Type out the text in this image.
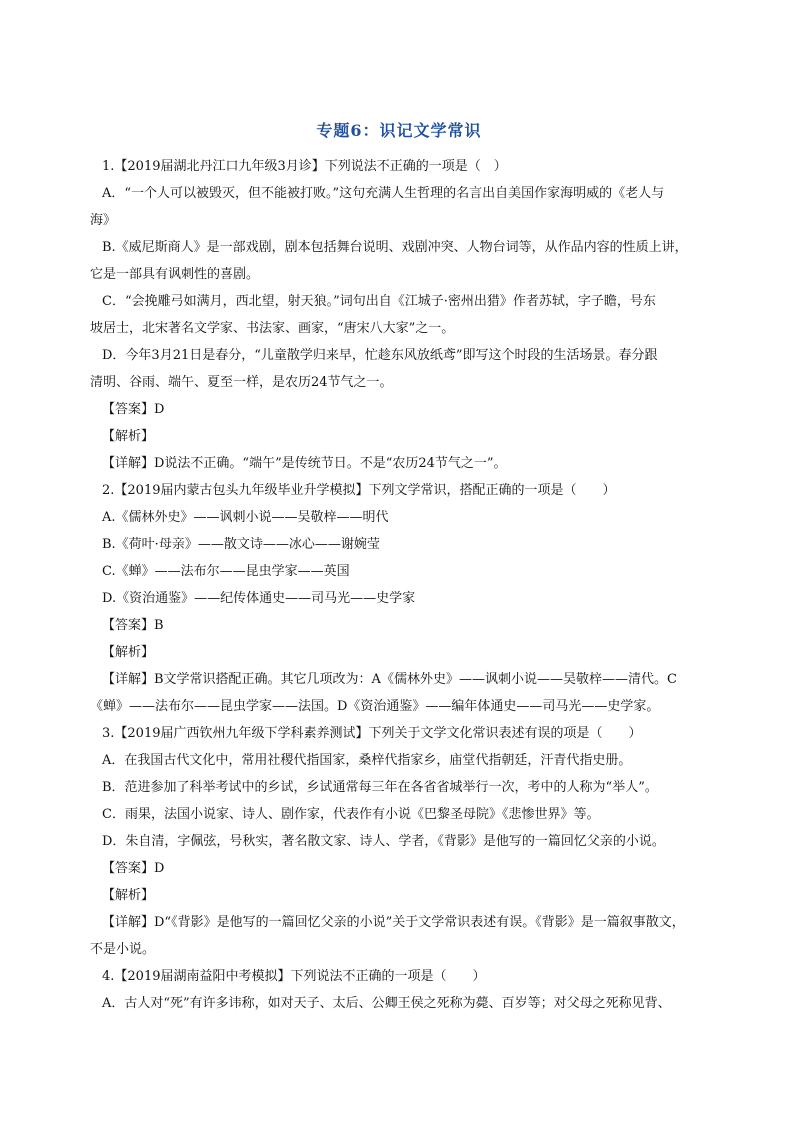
专题6：识记文学常识

1.【2019届湖北丹江口九年级3月诊】下列说法不正确的一项是（　）

A．“一个人可以被毁灭，但不能被打败。”这句充满人生哲理的名言出自美国作家海明威的《老人与

海》

B.《威尼斯商人》是一部戏剧，剧本包括舞台说明、戏剧冲突、人物台词等，从作品内容的性质上讲，

它是一部具有讽刺性的喜剧。

C．“会挽雕弓如满月，西北望，射天狼。”词句出自《江城子·密州出猎》作者苏轼，字子瞻，号东

坡居士，北宋著名文学家、书法家、画家，“唐宋八大家”之一。

D．今年3月21日是春分，“儿童散学归来早，忙趁东风放纸鸢”即写这个时段的生活场景。春分跟

清明、谷雨、端午、夏至一样，是农历24节气之一。

【答案】D

【解析】

【详解】D说法不正确。“端午”是传统节日。不是“农历24节气之一”。

2.【2019届内蒙古包头九年级毕业升学模拟】下列文学常识，搭配正确的一项是（　　）

A.《儒林外史》——讽刺小说——吴敬梓——明代

B.《荷叶·母亲》——散文诗——冰心——谢婉莹

C.《蝉》——法布尔——昆虫学家——英国

D.《资治通鉴》——纪传体通史——司马光——史学家

【答案】B

【解析】

【详解】B文学常识搭配正确。其它几项改为：A《儒林外史》——讽刺小说——吴敬梓——清代。C

《蝉》——法布尔——昆虫学家——法国。D《资治通鉴》——编年体通史——司马光——史学家。

3.【2019届广西钦州九年级下学科素养测试】下列关于文学文化常识表述有误的项是（　　）

A．在我国古代文化中，常用社稷代指国家，桑梓代指家乡，庙堂代指朝廷，汗青代指史册。

B．范进参加了科举考试中的乡试，乡试通常每三年在各省省城举行一次，考中的人称为“举人”。

C．雨果，法国小说家、诗人、剧作家，代表作有小说《巴黎圣母院》《悲惨世界》等。

D．朱自清，字佩弦，号秋实，著名散文家、诗人、学者，《背影》是他写的一篇回忆父亲的小说。

【答案】D

【解析】

【详解】D“《背影》是他写的一篇回忆父亲的小说”关于文学常识表述有误。《背影》是一篇叙事散文，

不是小说。

4.【2019届湖南益阳中考模拟】下列说法不正确的一项是（　　）

A．古人对“死”有许多讳称，如对天子、太后、公卿王侯之死称为薨、百岁等；对父母之死称见背、
